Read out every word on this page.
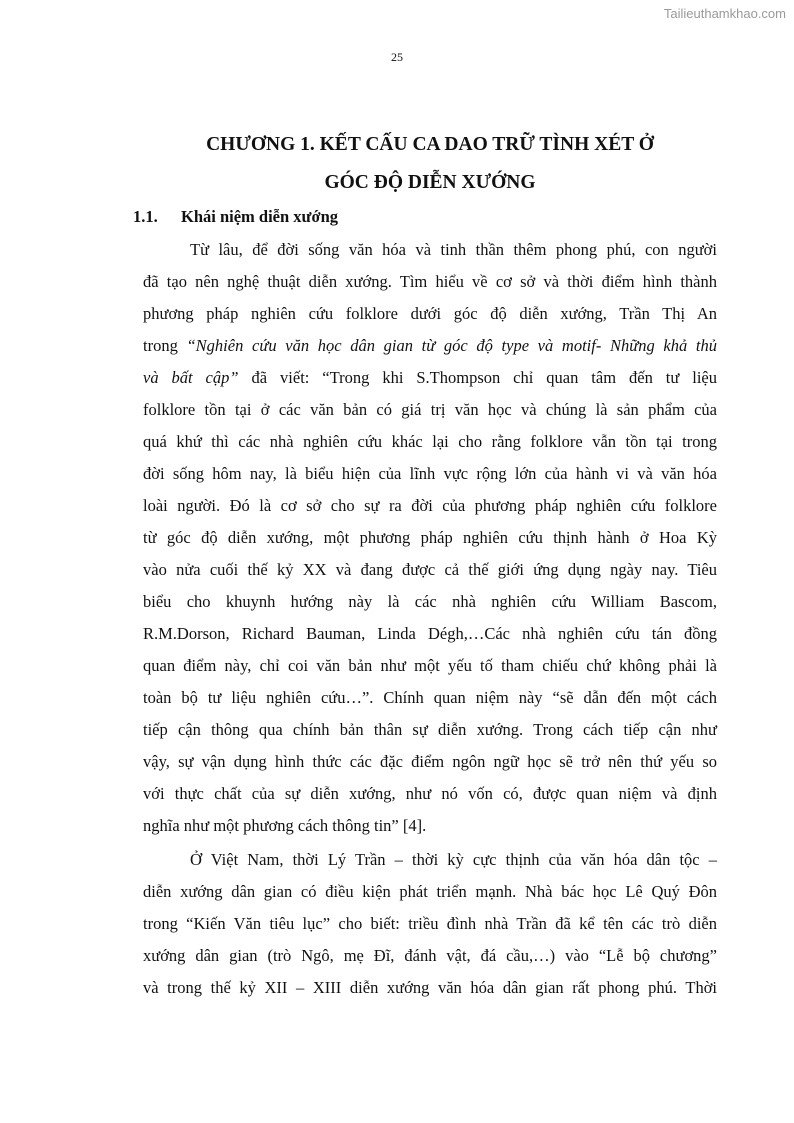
Tailieuthamkhao.com
25
CHƯƠNG 1. KẾT CẤU CA DAO TRỮ TÌNH XÉT Ở
GÓC ĐỘ DIỄN XƯỚNG
1.1. Khái niệm diễn xướng
Từ lâu, để đời sống văn hóa và tinh thần thêm phong phú, con người
đã tạo nên nghệ thuật diễn xướng. Tìm hiểu về cơ sở và thời điểm hình thành
phương pháp nghiên cứu folklore dưới góc độ diễn xướng, Trần Thị An
trong “Nghiên cứu văn học dân gian từ góc độ type và motif- Những khả thủ
và bất cập” đã viết: “Trong khi S.Thompson chỉ quan tâm đến tư liệu
folklore tồn tại ở các văn bản có giá trị văn học và chúng là sản phẩm của
quá khứ thì các nhà nghiên cứu khác lại cho rằng folklore vẫn tồn tại trong
đời sống hôm nay, là biểu hiện của lĩnh vực rộng lớn của hành vi và văn hóa
loài người. Đó là cơ sở cho sự ra đời của phương pháp nghiên cứu folklore
từ góc độ diễn xướng, một phương pháp nghiên cứu thịnh hành ở Hoa Kỳ
vào nửa cuối thế kỷ XX và đang được cả thế giới ứng dụng ngày nay. Tiêu
biểu cho khuynh hướng này là các nhà nghiên cứu William Bascom,
R.M.Dorson, Richard Bauman, Linda Dégh,…Các nhà nghiên cứu tán đồng
quan điểm này, chỉ coi văn bản như một yếu tố tham chiếu chứ không phải là
toàn bộ tư liệu nghiên cứu…”. Chính quan niệm này “sẽ dẫn đến một cách
tiếp cận thông qua chính bản thân sự diễn xướng. Trong cách tiếp cận như
vậy, sự vận dụng hình thức các đặc điểm ngôn ngữ học sẽ trở nên thứ yếu so
với thực chất của sự diễn xướng, như nó vốn có, được quan niệm và định
nghĩa như một phương cách thông tin” [4].
Ở Việt Nam, thời Lý Trần – thời kỳ cực thịnh của văn hóa dân tộc –
diễn xướng dân gian có điều kiện phát triển mạnh. Nhà bác học Lê Quý Đôn
trong “Kiến Văn tiêu lục” cho biết: triều đình nhà Trần đã kể tên các trò diễn
xướng dân gian (trò Ngô, mẹ Đĩ, đánh vật, đá cầu,…) vào “Lễ bộ chương”
và trong thế kỷ XII – XIII diễn xướng văn hóa dân gian rất phong phú. Thời
